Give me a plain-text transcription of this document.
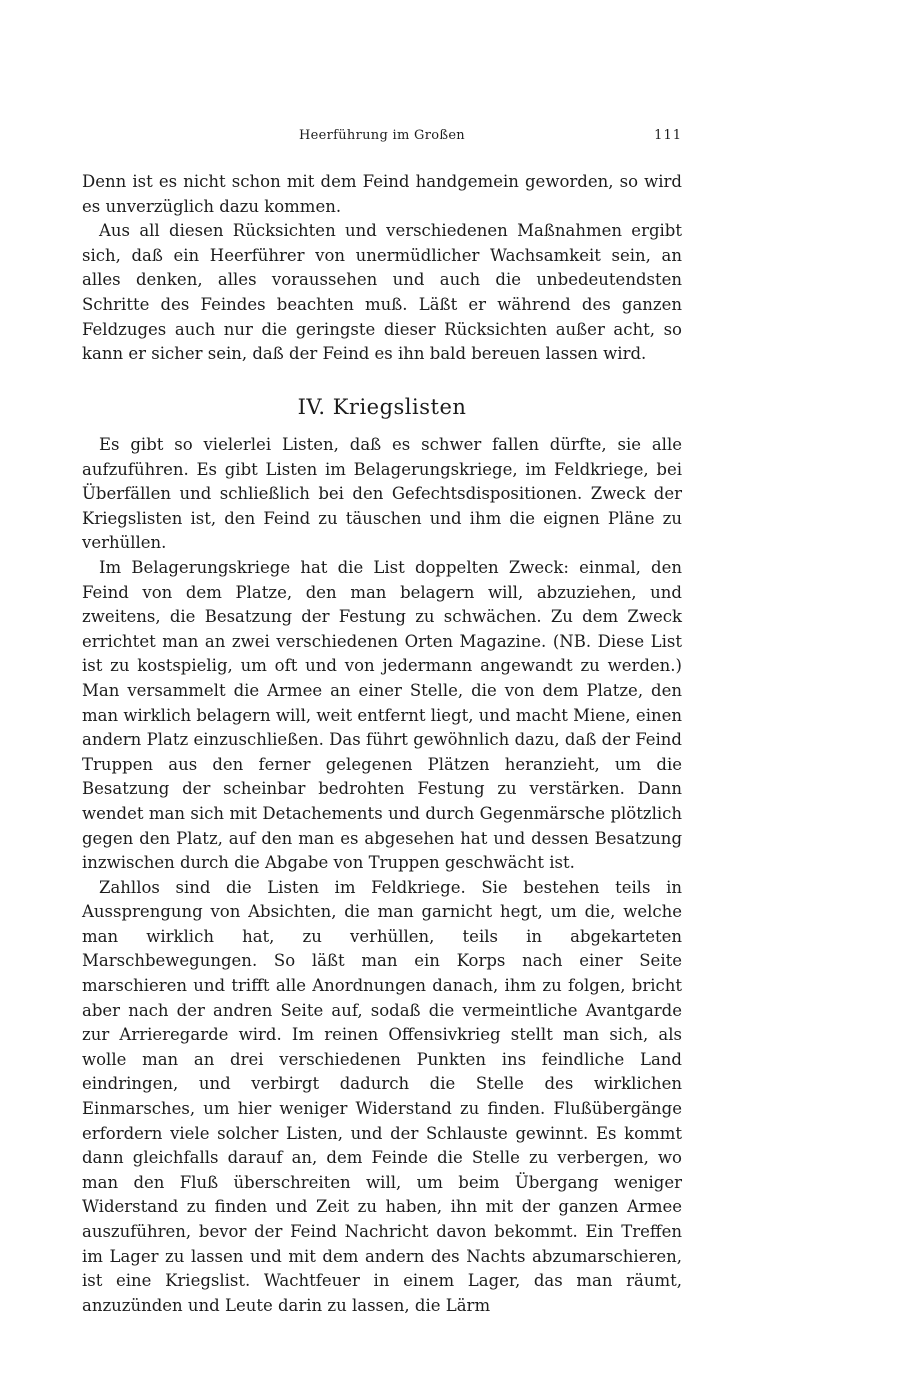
Heerführung im Großen	111

Denn ist es nicht schon mit dem Feind handgemein geworden, so wird es unverzüglich dazu kommen.

Aus all diesen Rücksichten und verschiedenen Maßnahmen ergibt sich, daß ein Heerführer von unermüdlicher Wachsamkeit sein, an alles denken, alles voraussehen und auch die unbedeutendsten Schritte des Feindes beachten muß. Läßt er während des ganzen Feldzuges auch nur die geringste dieser Rücksichten außer acht, so kann er sicher sein, daß der Feind es ihn bald bereuen lassen wird.

IV. Kriegslisten

Es gibt so vielerlei Listen, daß es schwer fallen dürfte, sie alle aufzuführen. Es gibt Listen im Belagerungskriege, im Feldkriege, bei Überfällen und schließlich bei den Gefechtsdispositionen. Zweck der Kriegslisten ist, den Feind zu täuschen und ihm die eignen Pläne zu verhüllen.

Im Belagerungskriege hat die List doppelten Zweck: einmal, den Feind von dem Platze, den man belagern will, abzuziehen, und zweitens, die Besatzung der Festung zu schwächen. Zu dem Zweck errichtet man an zwei verschiedenen Orten Magazine. (NB. Diese List ist zu kostspielig, um oft und von jedermann angewandt zu werden.) Man versammelt die Armee an einer Stelle, die von dem Platze, den man wirklich belagern will, weit entfernt liegt, und macht Miene, einen andern Platz einzuschließen. Das führt gewöhnlich dazu, daß der Feind Truppen aus den ferner gelegenen Plätzen heranzieht, um die Besatzung der scheinbar bedrohten Festung zu verstärken. Dann wendet man sich mit Detachements und durch Gegenmärsche plötzlich gegen den Platz, auf den man es abgesehen hat und dessen Besatzung inzwischen durch die Abgabe von Truppen geschwächt ist.

Zahllos sind die Listen im Feldkriege. Sie bestehen teils in Aussprengung von Absichten, die man garnicht hegt, um die, welche man wirklich hat, zu verhüllen, teils in abgekarteten Marschbewegungen. So läßt man ein Korps nach einer Seite marschieren und trifft alle Anordnungen danach, ihm zu folgen, bricht aber nach der andren Seite auf, sodaß die vermeintliche Avantgarde zur Arrieregarde wird. Im reinen Offensivkrieg stellt man sich, als wolle man an drei verschiedenen Punkten ins feindliche Land eindringen, und verbirgt dadurch die Stelle des wirklichen Einmarsches, um hier weniger Widerstand zu finden. Flußübergänge erfordern viele solcher Listen, und der Schlauste gewinnt. Es kommt dann gleichfalls darauf an, dem Feinde die Stelle zu verbergen, wo man den Fluß überschreiten will, um beim Übergang weniger Widerstand zu finden und Zeit zu haben, ihn mit der ganzen Armee auszuführen, bevor der Feind Nachricht davon bekommt. Ein Treffen im Lager zu lassen und mit dem andern des Nachts abzumarschieren, ist eine Kriegslist. Wachtfeuer in einem Lager, das man räumt, anzuzünden und Leute darin zu lassen, die Lärm
